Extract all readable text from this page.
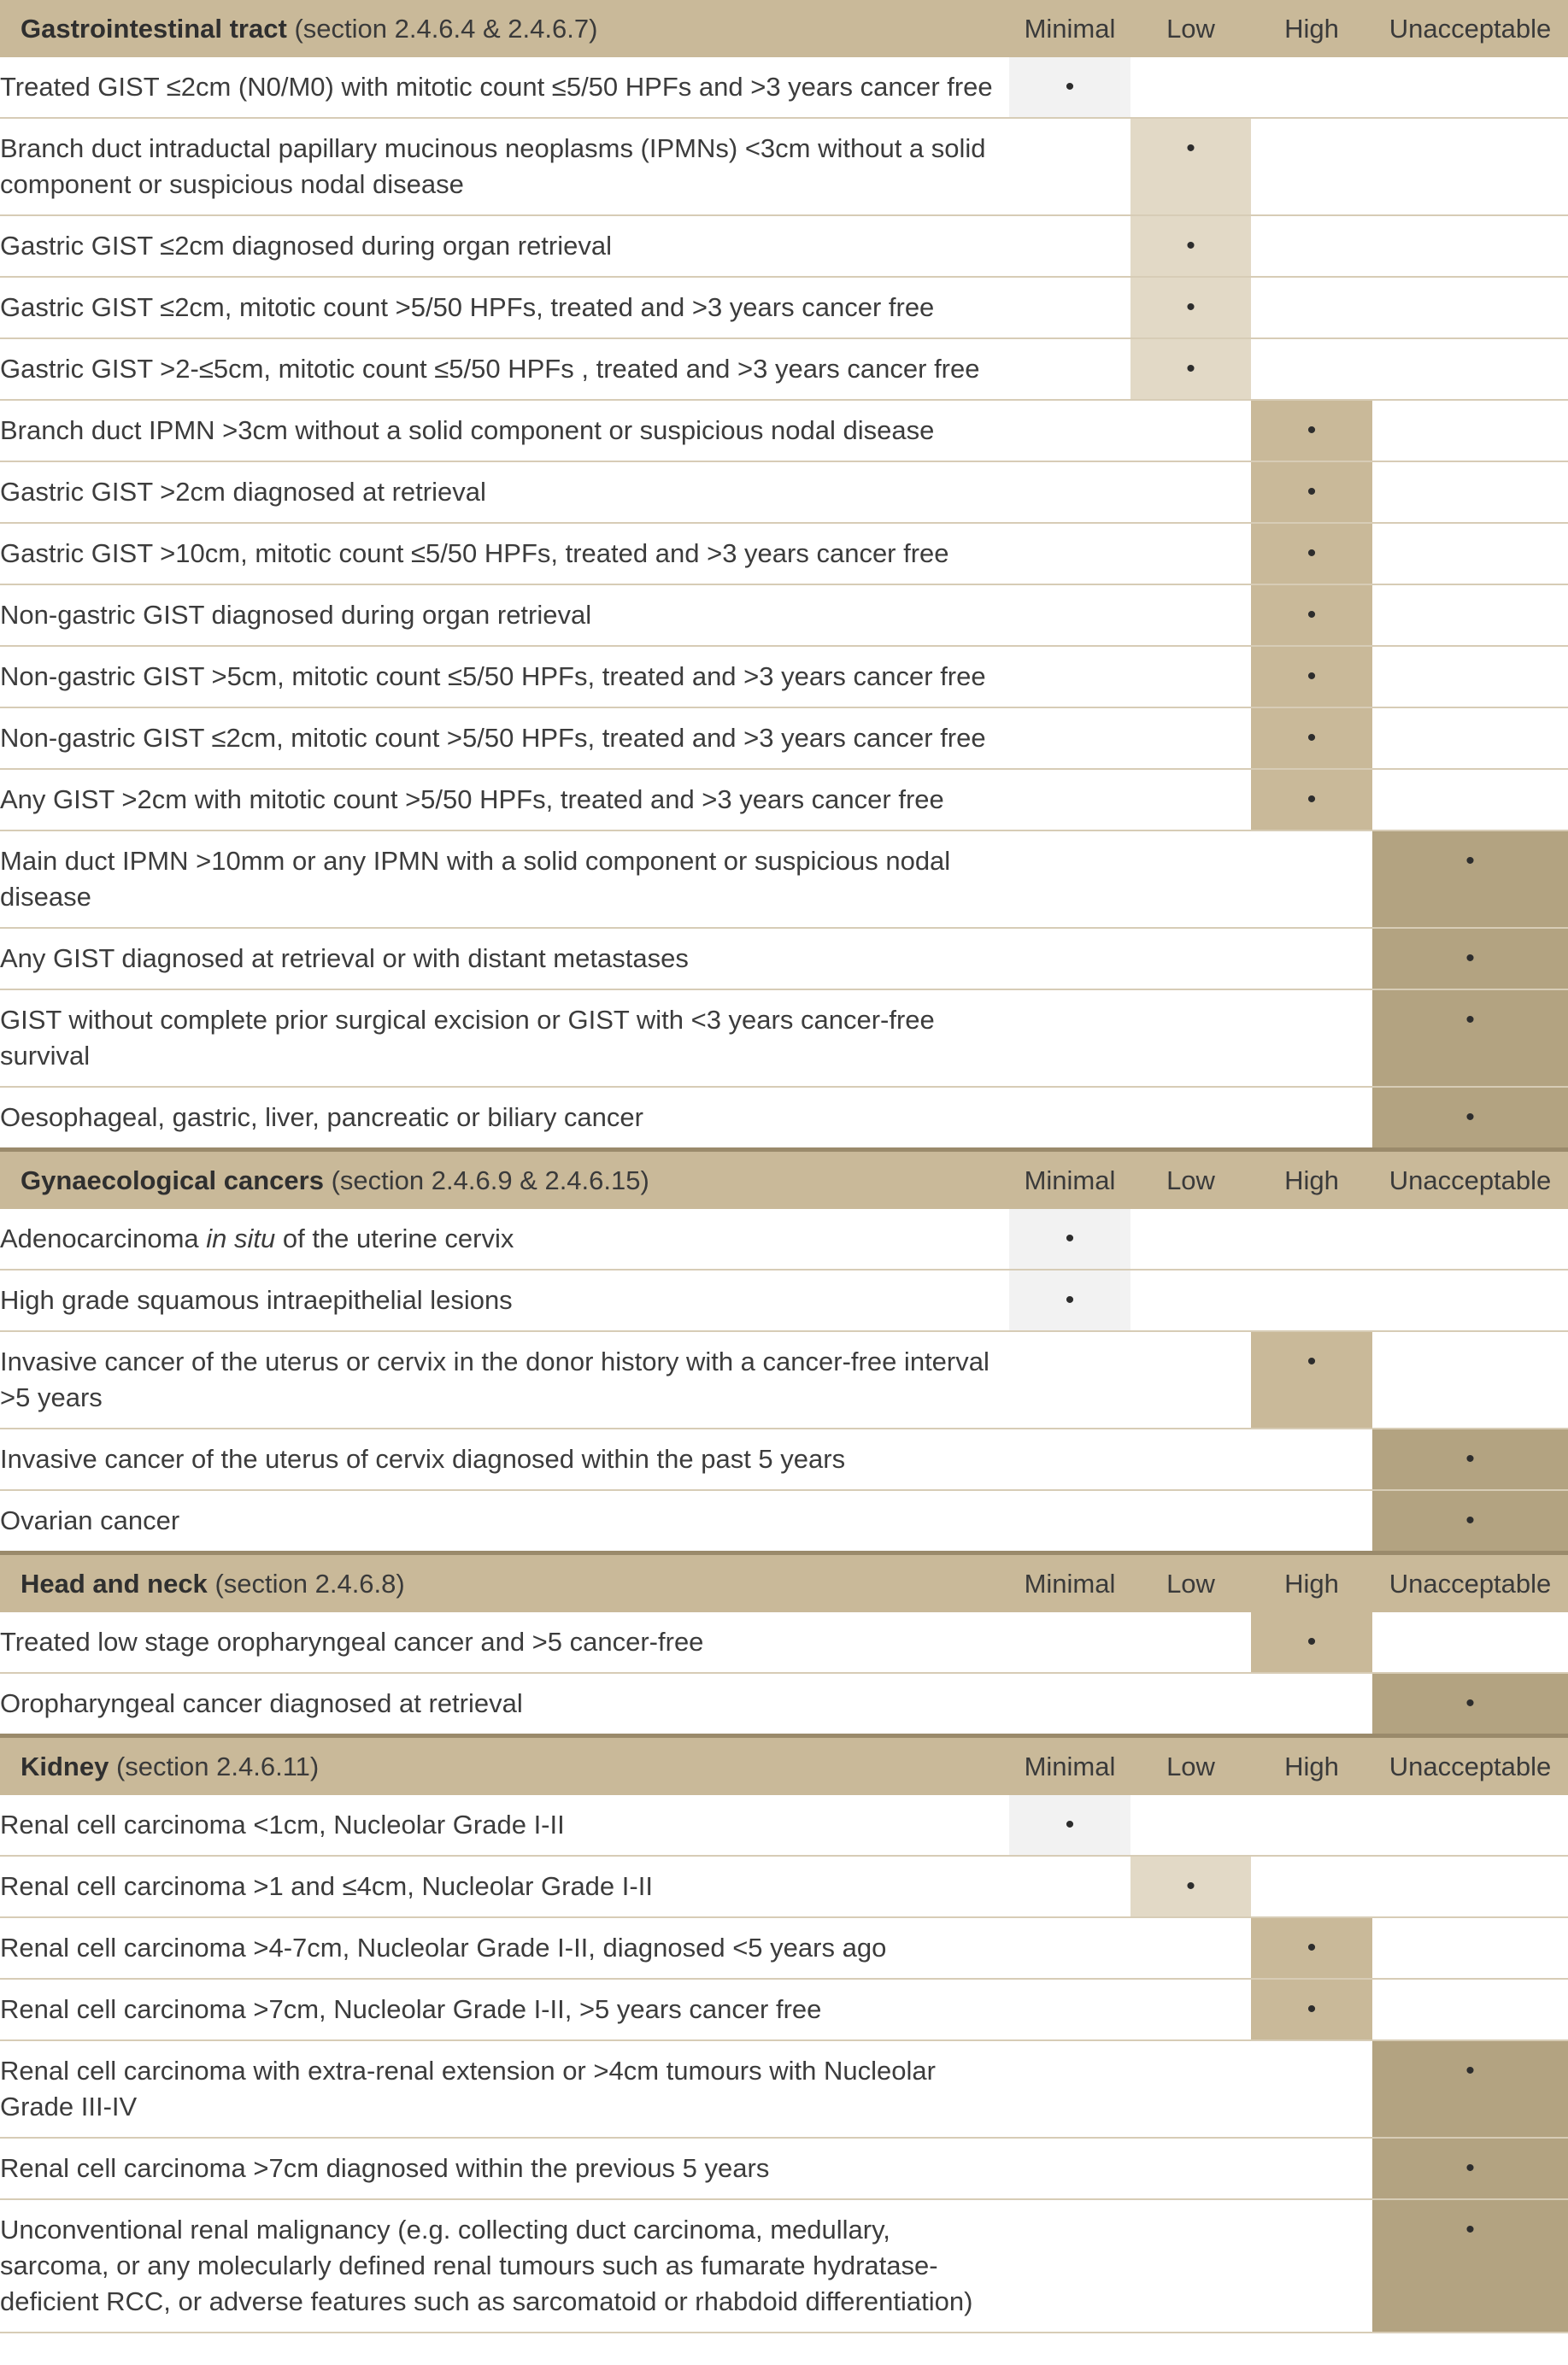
Gastrointestinal tract (section 2.4.6.4 & 2.4.6.7)	Minimal	Low	High	Unacceptable
Treated GIST ≤2cm (N0/M0) with mitotic count ≤5/50 HPFs and >3 years cancer free	•			
Branch duct intraductal papillary mucinous neoplasms (IPMNs) <3cm without a solid component or suspicious nodal disease		•		
Gastric GIST ≤2cm diagnosed during organ retrieval		•		
Gastric GIST ≤2cm, mitotic count >5/50 HPFs, treated and >3 years cancer free		•		
Gastric GIST >2-≤5cm, mitotic count ≤5/50 HPFs , treated and >3 years cancer free		•		
Branch duct IPMN >3cm without a solid component or suspicious nodal disease			•	
Gastric GIST >2cm diagnosed at retrieval			•	
Gastric GIST >10cm, mitotic count ≤5/50 HPFs, treated and >3 years cancer free			•	
Non-gastric GIST diagnosed during organ retrieval			•	
Non-gastric GIST >5cm, mitotic count ≤5/50 HPFs, treated and >3 years cancer free			•	
Non-gastric GIST ≤2cm, mitotic count >5/50 HPFs, treated and >3 years cancer free			•	
Any GIST >2cm with mitotic count >5/50 HPFs, treated and >3 years cancer free			•	
Main duct IPMN >10mm or any IPMN with a solid component or suspicious nodal disease				•
Any GIST diagnosed at retrieval or with distant metastases				•
GIST without complete prior surgical excision or GIST with <3 years cancer-free survival				•
Oesophageal, gastric, liver, pancreatic or biliary cancer				•
Gynaecological cancers (section 2.4.6.9 & 2.4.6.15)	Minimal	Low	High	Unacceptable
Adenocarcinoma in situ of the uterine cervix	•			
High grade squamous intraepithelial lesions	•			
Invasive cancer of the uterus or cervix in the donor history with a cancer-free interval >5 years			•	
Invasive cancer of the uterus of cervix diagnosed within the past 5 years				•
Ovarian cancer				•
Head and neck (section 2.4.6.8)	Minimal	Low	High	Unacceptable
Treated low stage oropharyngeal cancer and >5 cancer-free			•	
Oropharyngeal cancer diagnosed at retrieval				•
Kidney (section 2.4.6.11)	Minimal	Low	High	Unacceptable
Renal cell carcinoma <1cm, Nucleolar Grade I-II	•			
Renal cell carcinoma >1 and ≤4cm, Nucleolar Grade I-II		•		
Renal cell carcinoma >4-7cm, Nucleolar Grade I-II, diagnosed <5 years ago			•	
Renal cell carcinoma >7cm, Nucleolar Grade I-II, >5 years cancer free			•	
Renal cell carcinoma with extra-renal extension or >4cm tumours with Nucleolar Grade III-IV				•
Renal cell carcinoma >7cm diagnosed within the previous 5 years				•
Unconventional renal malignancy (e.g. collecting duct carcinoma, medullary, sarcoma, or any molecularly defined renal tumours such as fumarate hydratase-deficient RCC, or adverse features such as sarcomatoid or rhabdoid differentiation)				•
